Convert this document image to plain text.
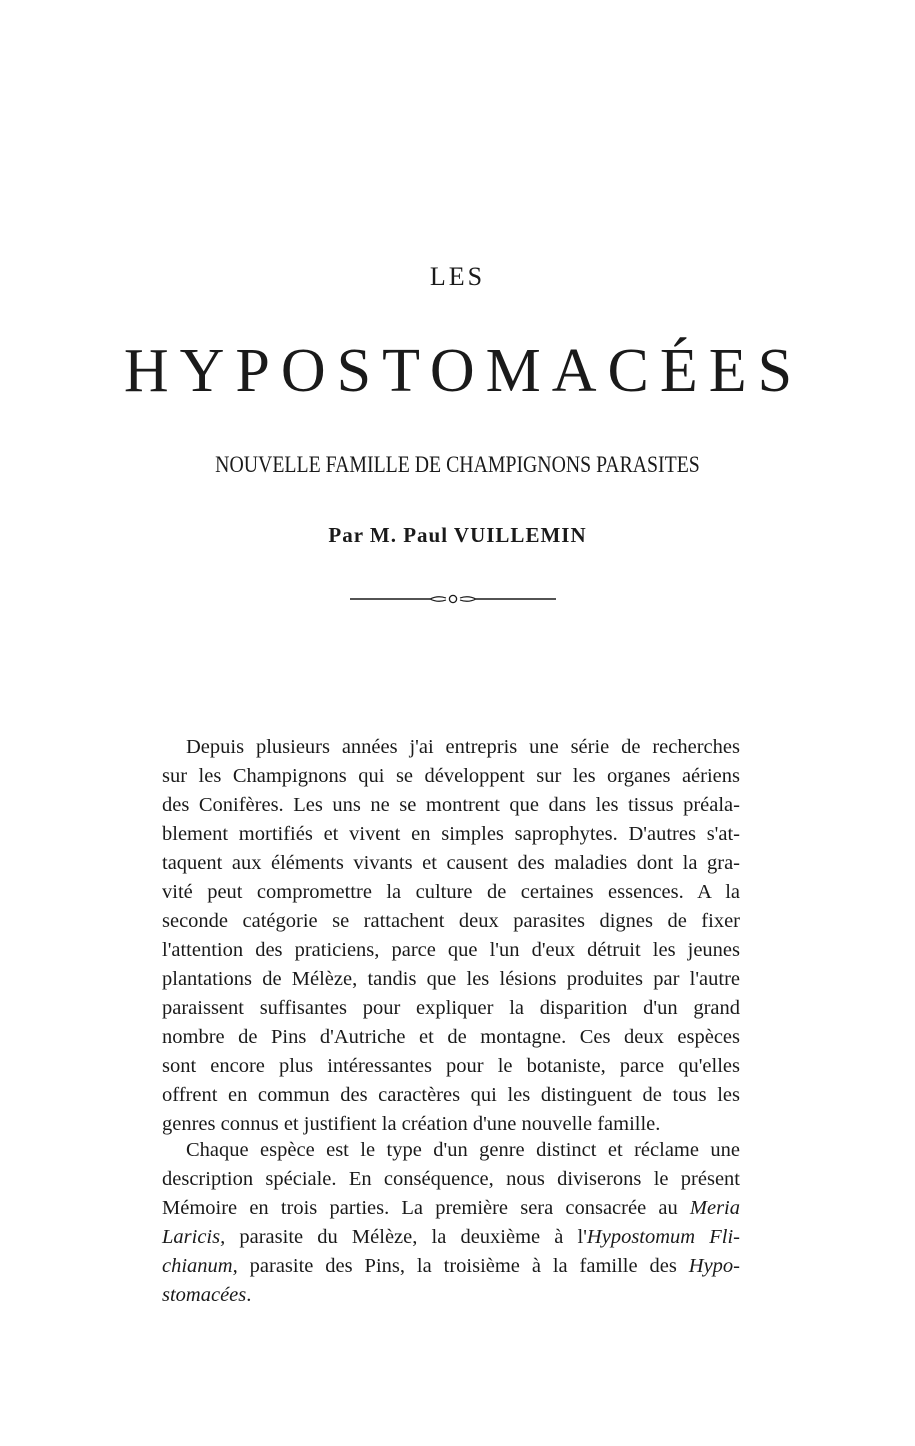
LES
HYPOSTOMACÉES
NOUVELLE FAMILLE DE CHAMPIGNONS PARASITES
Par M. Paul VUILLEMIN
Depuis plusieurs années j'ai entrepris une série de recherches
sur les Champignons qui se développent sur les organes aériens
des Conifères. Les uns ne se montrent que dans les tissus préala-
blement mortifiés et vivent en simples saprophytes. D'autres s'at-
taquent aux éléments vivants et causent des maladies dont la gra-
vité peut compromettre la culture de certaines essences. A la
seconde catégorie se rattachent deux parasites dignes de fixer
l'attention des praticiens, parce que l'un d'eux détruit les jeunes
plantations de Mélèze, tandis que les lésions produites par l'autre
paraissent suffisantes pour expliquer la disparition d'un grand
nombre de Pins d'Autriche et de montagne. Ces deux espèces
sont encore plus intéressantes pour le botaniste, parce qu'elles
offrent en commun des caractères qui les distinguent de tous les
genres connus et justifient la création d'une nouvelle famille.
Chaque espèce est le type d'un genre distinct et réclame une
description spéciale. En conséquence, nous diviserons le présent
Mémoire en trois parties. La première sera consacrée au Meria
Laricis, parasite du Mélèze, la deuxième à l'Hypostomum Fli-
chianum, parasite des Pins, la troisième à la famille des Hypo-
stomacées.
